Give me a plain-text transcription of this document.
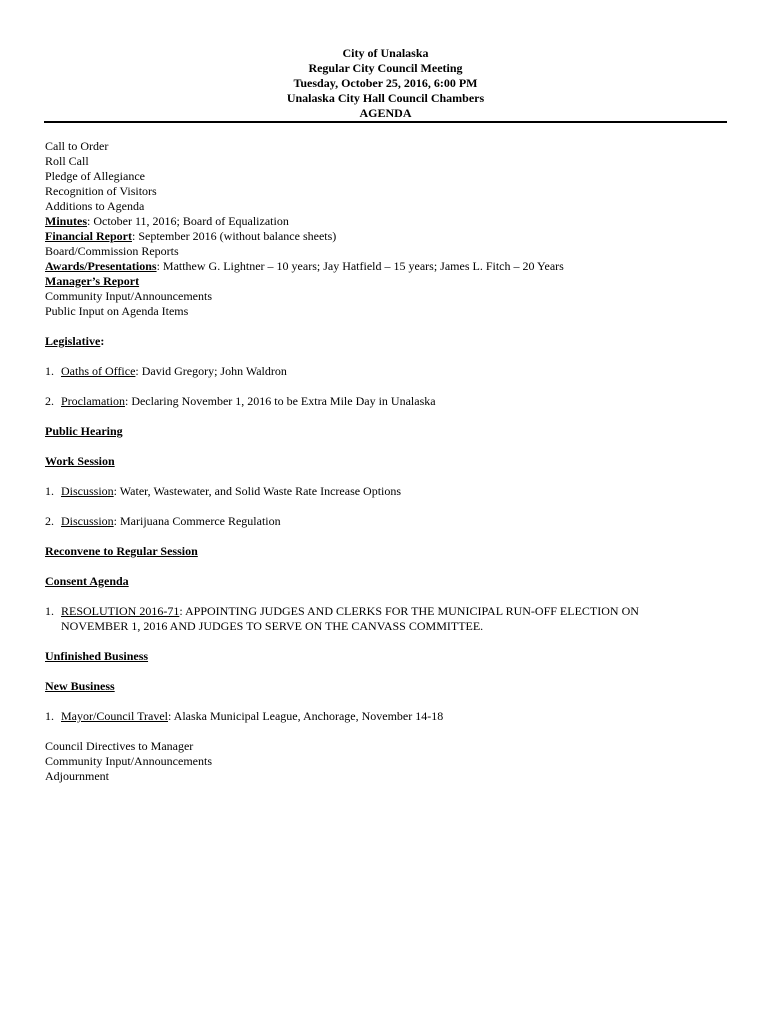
City of Unalaska
Regular City Council Meeting
Tuesday, October 25, 2016, 6:00 PM
Unalaska City Hall Council Chambers
AGENDA
Call to Order
Roll Call
Pledge of Allegiance
Recognition of Visitors
Additions to Agenda
Minutes: October 11, 2016; Board of Equalization
Financial Report: September 2016 (without balance sheets)
Board/Commission Reports
Awards/Presentations: Matthew G. Lightner – 10 years; Jay Hatfield – 15 years; James L. Fitch – 20 Years
Manager’s Report
Community Input/Announcements
Public Input on Agenda Items
Legislative:
1. Oaths of Office: David Gregory; John Waldron
2. Proclamation: Declaring November 1, 2016 to be Extra Mile Day in Unalaska
Public Hearing
Work Session
1. Discussion: Water, Wastewater, and Solid Waste Rate Increase Options
2. Discussion: Marijuana Commerce Regulation
Reconvene to Regular Session
Consent Agenda
1. RESOLUTION 2016-71: APPOINTING JUDGES AND CLERKS FOR THE MUNICIPAL RUN-OFF ELECTION ON
NOVEMBER 1, 2016 AND JUDGES TO SERVE ON THE CANVASS COMMITTEE.
Unfinished Business
New Business
1. Mayor/Council Travel: Alaska Municipal League, Anchorage, November 14-18
Council Directives to Manager
Community Input/Announcements
Adjournment
